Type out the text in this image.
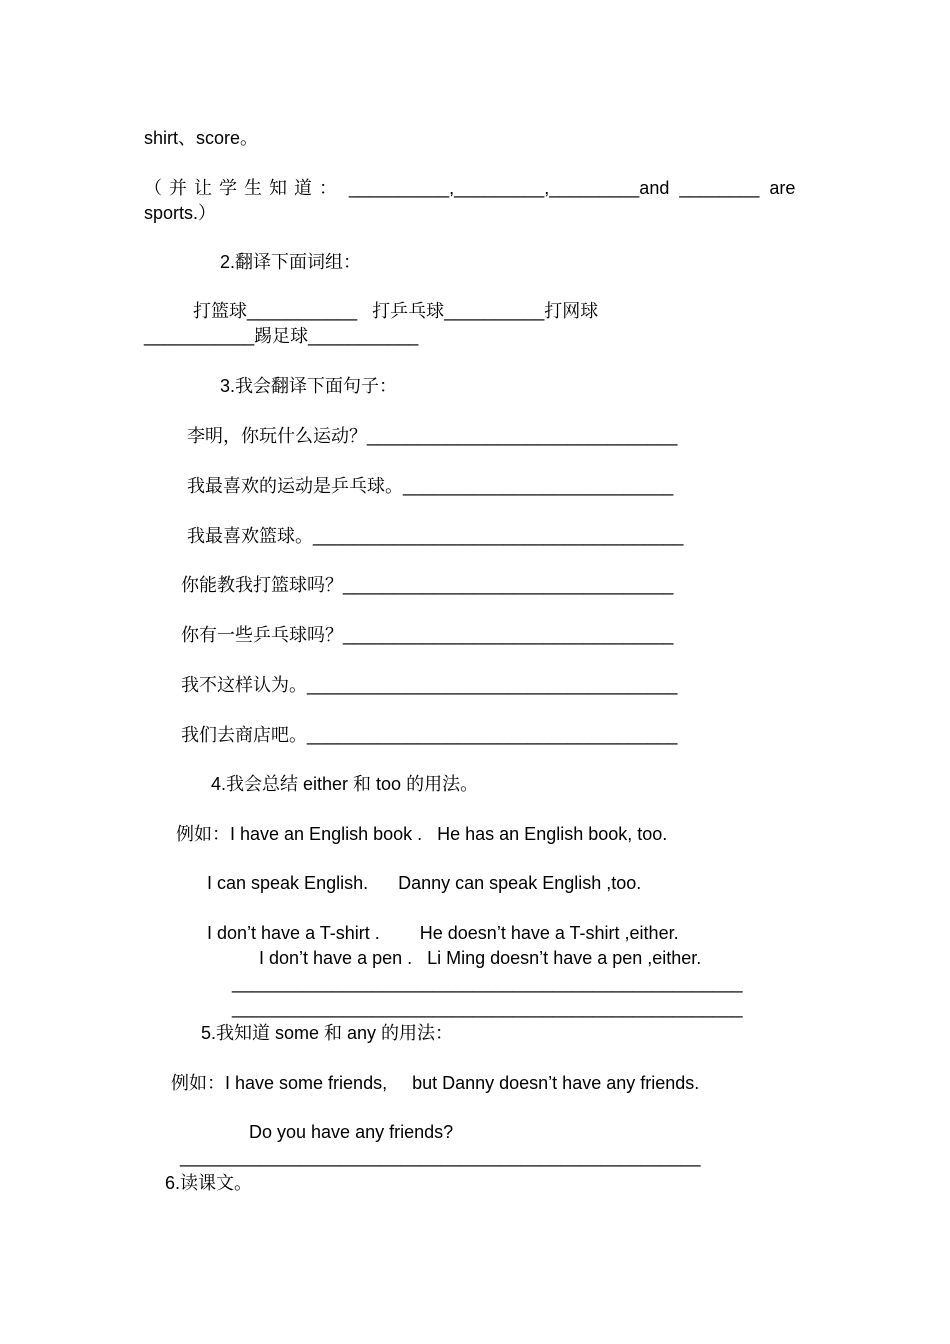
shirt、score。
（并让学生知道： __________,_________,_________and  ________  are
sports.）
2.翻译下面词组：
打篮球___________   打乒乓球__________打网球
___________踢足球___________
3.我会翻译下面句子：
李明，你玩什么运动？_______________________________
我最喜欢的运动是乒乓球。___________________________
我最喜欢篮球。_____________________________________
你能教我打篮球吗？_________________________________
你有一些乒乓球吗？_________________________________
我不这样认为。_____________________________________
我们去商店吧。_____________________________________
4.我会总结 either 和 too 的用法。
例如：I have an English book .   He has an English book, too.
I can speak English.      Danny can speak English ,too.
I don’t have a T-shirt .        He doesn’t have a T-shirt ,either.
I don’t have a pen .   Li Ming doesn’t have a pen ,either.
___________________________________________________
___________________________________________________
5.我知道 some 和 any 的用法：
例如：I have some friends,     but Danny doesn’t have any friends.
Do you have any friends?
____________________________________________________
6.读课文。
